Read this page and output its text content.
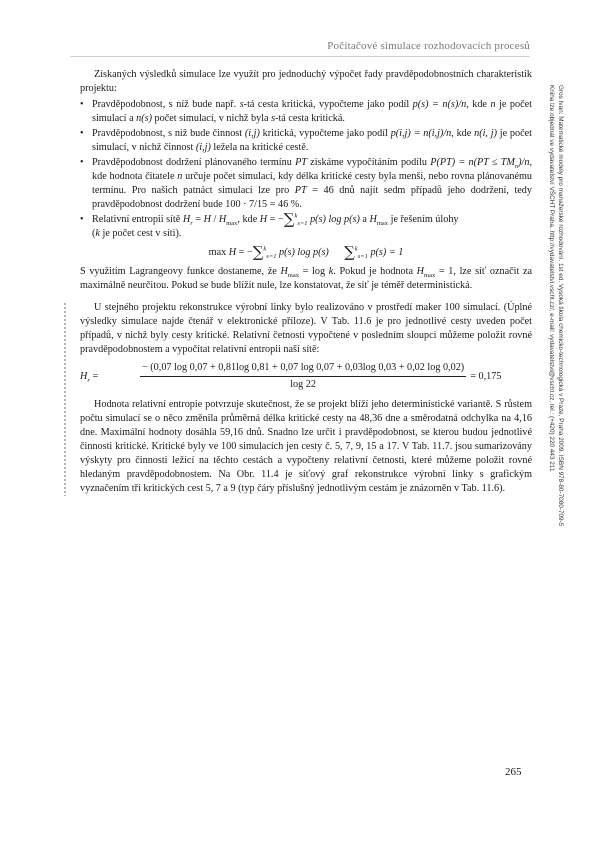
Počítačové simulace rozhodovacích procesů
Gros Ivan: Matematické modely pro manažerské rozhodování. 1st ed. Vysoká škola chemicko-technologická v Praze, Praha 2009. ISBN 978-80-7080-709-5
Kniha lze objednat ve vydavatelství VŠCHT Praha, http://vydavatelstvi.vscht.cz/, e-mail: vydavatelstvi@vscht.cz, tel.: (+420) 220 443 211

Získaných výsledků simulace lze využít pro jednoduchý výpočet řady pravděpodobnostních charakteristik projektu:

• Pravděpodobnost, s níž bude např. s-tá cesta kritická, vypočteme jako podíl p(s) = n(s)/n, kde n je počet simulací a n(s) počet simulací, v nichž byla s-tá cesta kritická.
• Pravděpodobnost, s níž bude činnost (i,j) kritická, vypočteme jako podíl p(i,j) = n(i,j)/n, kde n(i, j) je počet simulací, v nichž činnost (i,j) ležela na kritické cestě.
• Pravděpodobnost dodržení plánovaného termínu PT získáme vypočítáním podílu $P(PT) = n(PT \le TM_n)/n$, kde hodnota čitatele n určuje počet simulací, kdy délka kritické cesty byla menší, nebo rovna plánovanému termínu. Pro našich patnáct simulací lze pro PT = 46 dnů najít sedm případů jeho dodržení, tedy pravděpodobnost dodržení bude 100 · 7/15 = 46 %.
• Relativní entropii sítě $H_r = H / H_{max}$, kde H = −∑$^k_{s=1}$ p(s) log p(s) a $H_{max}$ je řešením úlohy
(k je počet cest v síti).
max H = −∑$^k_{s=1}$ p(s) log p(s) ∑$^k_{s=1}$ p(s) = 1

S využitím Lagrangeovy funkce dostaneme, že $H_{max} = \log k$. Pokud je hodnota $H_{max} = 1$, lze síť označit za maximálně neurčitou. Pokud se bude blížit nule, lze konstatovat, že síť je téměř deterministická.

U stejného projektu rekonstrukce výrobní linky bylo realizováno v prostředí maker 100 simulací. (Úplné výsledky simulace najde čtenář v elektronické příloze). V Tab. 11.6 je pro jednotlivé cesty uveden počet případů, v nichž byly cesty kritické. Relativní četnosti vypočtené v posledním sloupci můžeme položit rovné pravděpodobnostem a vypočítat relativní entropii naší sítě:

$H_r$ =
− (0,07 log 0,07 + 0,81log 0,81 + 0,07 log 0,07 + 0,03log 0,03 + 0,02 log 0,02)
log 22
= 0,175

Hodnota relativní entropie potvrzuje skutečnost, že se projekt blíží jeho deterministické variantě. S růstem počtu simulací se o něco změnila průměrná délka kritické cesty na 48,36 dne a směrodatná odchylka na 4,16 dne. Maximální hodnoty dosáhla 59,16 dnů. Snadno lze určit i pravděpodobnost, se kterou budou jednotlivé činnosti kritické. Kritické byly ve 100 simulacích jen cesty č. 5, 7, 9, 15 a 17. V Tab. 11.7. jsou sumarizovány výskyty pro činnosti ležící na těchto cestách a vypočteny relativní četnosti, které můžeme položit rovné hledaným pravděpodobnostem. Na Obr. 11.4 je síťový graf rekonstrukce výrobní linky s grafickým vyznačením tří kritických cest 5, 7 a 9 (typ čáry příslušný jednotlivým cestám je znázorněn v Tab. 11.6).

265
